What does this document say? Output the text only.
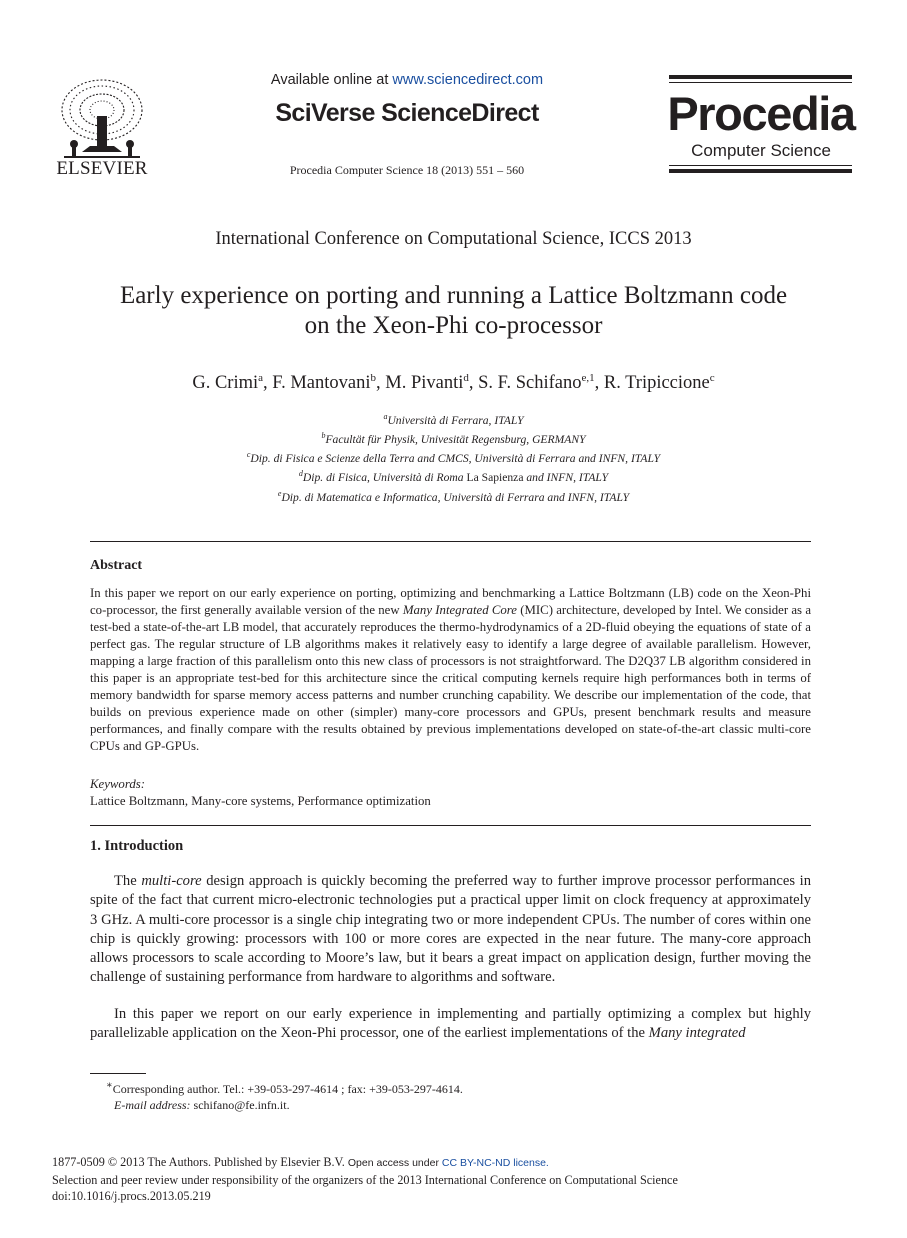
ELSEVIER
Available online at www.sciencedirect.com
SciVerse ScienceDirect
Procedia Computer Science 18 (2013) 551 – 560
Procedia
Computer Science
International Conference on Computational Science, ICCS 2013
Early experience on porting and running a Lattice Boltzmann code
on the Xeon-Phi co-processor
G. Crimi$^a$, F. Mantovani$^b$, M. Pivanti$^d$, S. F. Schifano$^{e,1}$, R. Tripiccione$^c$
$^a$Università di Ferrara, ITALY
$^b$Facultät für Physik, Univesität Regensburg, GERMANY
$^c$Dip. di Fisica e Scienze della Terra and CMCS, Università di Ferrara and INFN, ITALY
$^d$Dip. di Fisica, Università di Roma La Sapienza and INFN, ITALY
$^e$Dip. di Matematica e Informatica, Università di Ferrara and INFN, ITALY
Abstract

In this paper we report on our early experience on porting, optimizing and benchmarking a Lattice Boltzmann (LB) code on the Xeon-Phi co-processor, the first generally available version of the new Many Integrated Core (MIC) architecture, developed by Intel. We consider as a test-bed a state-of-the-art LB model, that accurately reproduces the thermo-hydrodynamics of a 2D-fluid obeying the equations of state of a perfect gas. The regular structure of LB algorithms makes it relatively easy to identify a large degree of available parallelism. However, mapping a large fraction of this parallelism onto this new class of processors is not straightforward. The D2Q37 LB algorithm considered in this paper is an appropriate test-bed for this architecture since the critical computing kernels require high performances both in terms of memory bandwidth for sparse memory access patterns and number crunching capability. We describe our implementation of the code, that builds on previous experience made on other (simpler) many-core processors and GPUs, present benchmark results and measure performances, and finally compare with the results obtained by previous implementations developed on state-of-the-art classic multi-core CPUs and GP-GPUs.

Keywords:
Lattice Boltzmann, Many-core systems, Performance optimization
1. Introduction

The multi-core design approach is quickly becoming the preferred way to further improve processor performances in spite of the fact that current micro-electronic technologies put a practical upper limit on clock frequency at approximately 3 GHz. A multi-core processor is a single chip integrating two or more independent CPUs. The number of cores within one chip is quickly growing: processors with 100 or more cores are expected in the near future. The many-core approach allows processors to scale according to Moore’s law, but it bears a great impact on application design, further moving the challenge of sustaining performance from hardware to algorithms and software.

In this paper we report on our early experience in implementing and partially optimizing a complex but highly parallelizable application on the Xeon-Phi processor, one of the earliest implementations of the Many integrated

∗Corresponding author. Tel.: +39-053-297-4614 ; fax: +39-053-297-4614.
E-mail address: schifano@fe.infn.it.
1877-0509 © 2013 The Authors. Published by Elsevier B.V. Open access under CC BY-NC-ND license.
Selection and peer review under responsibility of the organizers of the 2013 International Conference on Computational Science
doi:10.1016/j.procs.2013.05.219
